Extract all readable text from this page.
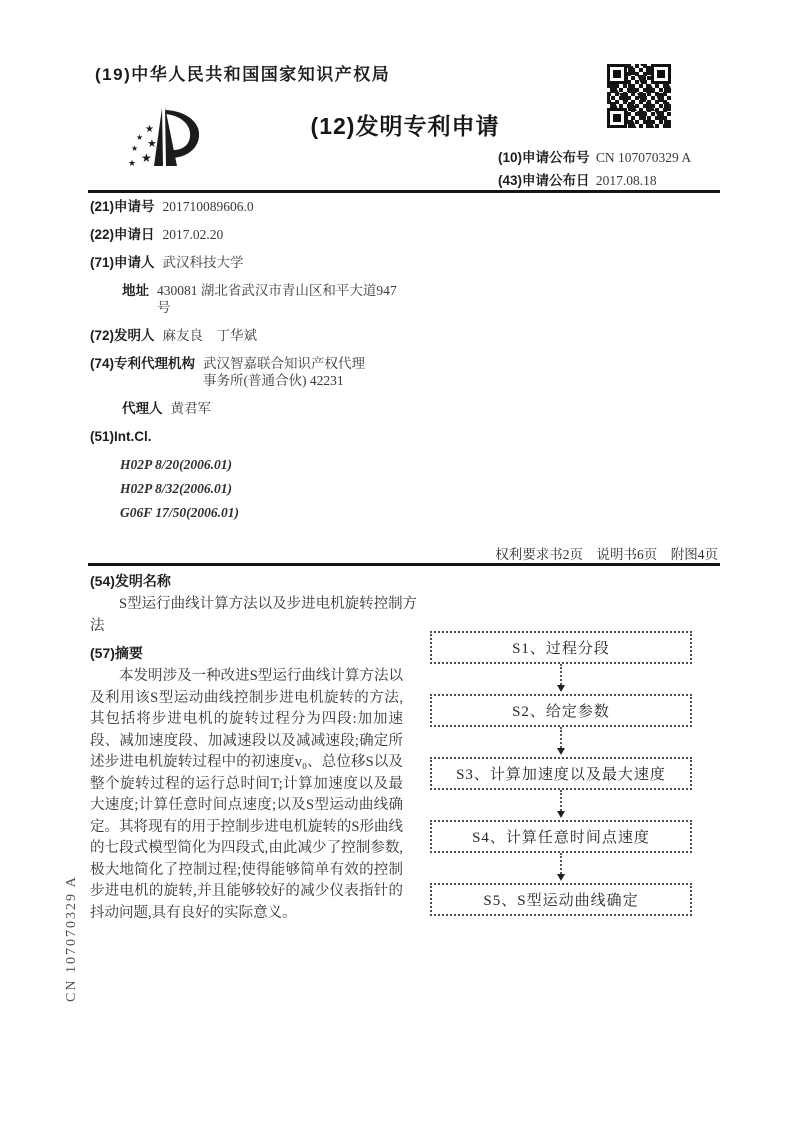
CN 107070329 A
(19)中华人民共和国国家知识产权局
★
★ ★
★
★
★
(12)发明专利申请
(10)申请公布号 CN 107070329 A
(43)申请公布日 2017.08.18
(21)申请号 201710089606.0
(22)申请日 2017.02.20
(71)申请人 武汉科技大学
地址 430081 湖北省武汉市青山区和平大道947号
(72)发明人 麻友良　丁华斌
(74)专利代理机构 武汉智嘉联合知识产权代理事务所(普通合伙) 42231
代理人 黄君军
(51)Int.Cl.
H02P 8/20(2006.01)
H02P 8/32(2006.01)
G06F 17/50(2006.01)
权利要求书2页　说明书6页　附图4页
(54)发明名称

S型运行曲线计算方法以及步进电机旋转控制方法

(57)摘要

本发明涉及一种改进S型运行曲线计算方法以及利用该S型运动曲线控制步进电机旋转的方法,其包括将步进电机的旋转过程分为四段:加加速段、减加速度段、加减速段以及减减速段;确定所述步进电机旋转过程中的初速度v₀、总位移S以及整个旋转过程的运行总时间T;计算加速度以及最大速度;计算任意时间点速度;以及S型运动曲线确定。其将现有的用于控制步进电机旋转的S形曲线的七段式模型简化为四段式,由此减少了控制参数,极大地简化了控制过程;使得能够简单有效的控制步进电机的旋转,并且能够较好的减少仪表指针的抖动问题,具有良好的实际意义。

S1、过程分段
S2、给定参数
S3、计算加速度以及最大速度
S4、计算任意时间点速度
S5、S型运动曲线确定
